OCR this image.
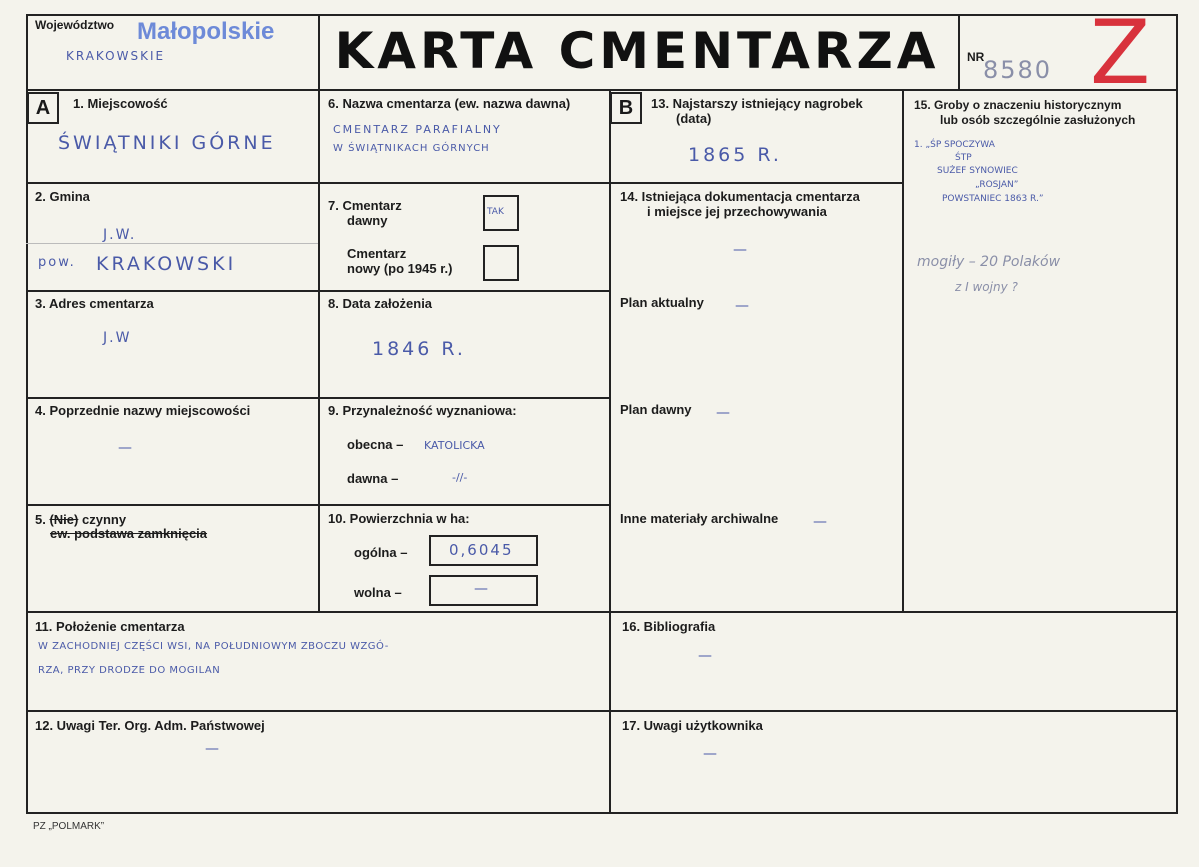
Województwo Małopolskie
KRAKOWSKIE	KARTA CMENTARZA	NR
8580 Z
A	B
1. Miejscowość
ŚWIĄTNIKI GÓRNE
2. Gmina
J.W.
pow. KRAKOWSKI
3. Adres cmentarza
J.W
4. Poprzednie nazwy miejscowości
—
5. (Nie) czynny
ew. podstawa zamknięcia
6. Nazwa cmentarza (ew. nazwa dawna)
CMENTARZ PARAFIALNY
W ŚWIĄTNIKACH GÓRNYCH
7. Cmentarz
dawny
TAK
Cmentarz
nowy (po 1945 r.)
8. Data założenia
1846 R.
9. Przynależność wyznaniowa:
obecna – KATOLICKA
dawna –	-//-
10. Powierzchnia w ha:
ogólna –	0,6045
wolna –	—
11. Położenie cmentarza
W ZACHODNIEJ CZĘŚCI WSI, NA POŁUDNIOWYM ZBOCZU WZGÓ-
RZA, PRZY DRODZE DO MOGILAN
12. Uwagi Ter. Org. Adm. Państwowej
—
13. Najstarszy istniejący nagrobek
(data)
1865 R.
14. Istniejąca dokumentacja cmentarza
i miejsce jej przechowywania
—
Plan aktualny —
Plan dawny —
Inne materiały archiwalne —
15. Groby o znaczeniu historycznym
lub osób szczególnie zasłużonych
1. „ŚP SPOCZYWA
ŚTP
SUŻEF SYNOWIEC
„ROSJAN”
POWSTANIEC 1863 R.”
mogiły – 20 Polaków
z I wojny ?
16. Bibliografia
—
17. Uwagi użytkownika
—
PZ „POLMARK”
